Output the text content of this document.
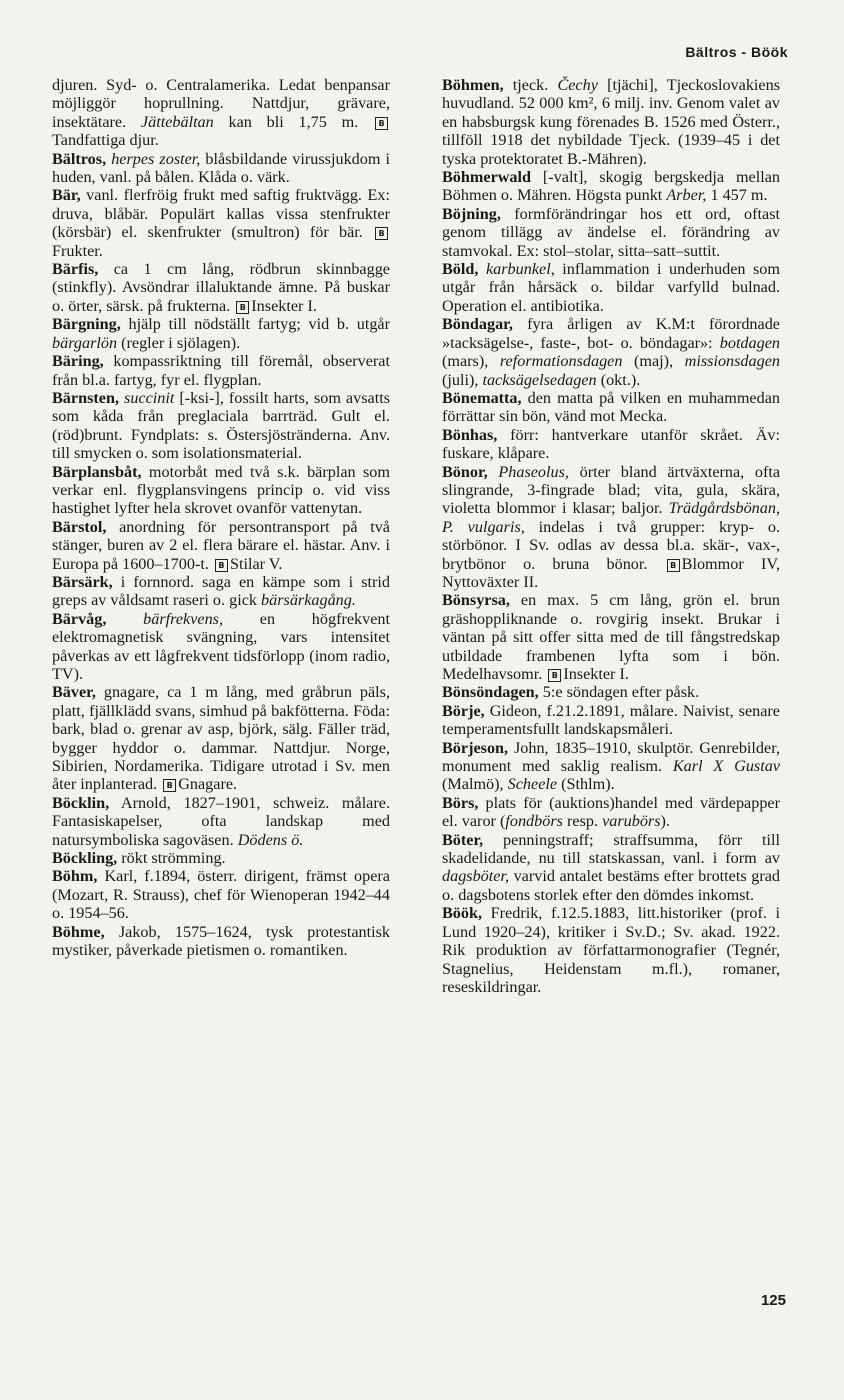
Bältros - Böök

djuren. Syd- o. Centralamerika. Ledat benpansar möjliggör hoprullning. Nattdjur, grävare, insektätare. Jättebältan kan bli 1,75 m. BTandfattiga djur.

Bältros, herpes zoster, blåsbildande virussjukdom i huden, vanl. på bålen. Klåda o. värk.

Bär, vanl. flerfröig frukt med saftig fruktvägg. Ex: druva, blåbär. Populärt kallas vissa stenfrukter (körsbär) el. skenfrukter (smultron) för bär. BFrukter.

Bärfis, ca 1 cm lång, rödbrun skinnbagge (stinkfly). Avsöndrar illaluktande ämne. På buskar o. örter, särsk. på frukterna. B Insekter I.

Bärgning, hjälp till nödställt fartyg; vid b. utgår bärgarlön (regler i sjölagen).

Bäring, kompassriktning till föremål, observerat från bl.a. fartyg, fyr el. flygplan.

Bärnsten, succinit [-ksi-], fossilt harts, som avsatts som kåda från preglaciala barrträd. Gult el. (röd)brunt. Fyndplats: s. Östersjöstränderna. Anv. till smycken o. som isolationsmaterial.

Bärplansbåt, motorbåt med två s.k. bärplan som verkar enl. flygplansvingens princip o. vid viss hastighet lyfter hela skrovet ovanför vattenytan.

Bärstol, anordning för persontransport på två stänger, buren av 2 el. flera bärare el. hästar. Anv. i Europa på 1600–1700-t. B Stilar V.

Bärsärk, i fornnord. saga en kämpe som i strid greps av våldsamt raseri o. gick bärsärkagång.

Bärvåg, bärfrekvens, en högfrekvent elektromagnetisk svängning, vars intensitet påverkas av ett lågfrekvent tidsförlopp (inom radio, TV).

Bäver, gnagare, ca 1 m lång, med gråbrun päls, platt, fjällklädd svans, simhud på bakfötterna. Föda: bark, blad o. grenar av asp, björk, sälg. Fäller träd, bygger hyddor o. dammar. Nattdjur. Norge, Sibirien, Nordamerika. Tidigare utrotad i Sv. men åter inplanterad. B Gnagare.

Böcklin, Arnold, 1827–1901, schweiz. målare. Fantasiskapelser, ofta landskap med natursymboliska sagoväsen. Dödens ö.

Böckling, rökt strömming.

Böhm, Karl, f.1894, österr. dirigent, främst opera (Mozart, R. Strauss), chef för Wienoperan 1942–44 o. 1954–56.

Böhme, Jakob, 1575–1624, tysk protestantisk mystiker, påverkade pietismen o. romantiken.

Böhmen, tjeck. Čechy [tjächi], Tjeckoslovakiens huvudland. 52 000 km², 6 milj. inv. Genom valet av en habsburgsk kung förenades B. 1526 med Österr., tillföll 1918 det nybildade Tjeck. (1939–45 i det tyska protektoratet B.-Mähren).

Böhmerwald [-valt], skogig bergskedja mellan Böhmen o. Mähren. Högsta punkt Arber, 1 457 m.

Böjning, formförändringar hos ett ord, oftast genom tillägg av ändelse el. förändring av stamvokal. Ex: stol–stolar, sitta–satt–suttit.

Böld, karbunkel, inflammation i underhuden som utgår från hårsäck o. bildar varfylld bulnad. Operation el. antibiotika.

Böndagar, fyra årligen av K.M:t förordnade »tacksägelse-, faste-, bot- o. böndagar»: botdagen (mars), reformationsdagen (maj), missionsdagen (juli), tacksägelsedagen (okt.).

Bönematta, den matta på vilken en muhammedan förrättar sin bön, vänd mot Mecka.

Bönhas, förr: hantverkare utanför skrået. Äv: fuskare, klåpare.

Bönor, Phaseolus, örter bland ärtväxterna, ofta slingrande, 3-fingrade blad; vita, gula, skära, violetta blommor i klasar; baljor. Trädgårdsbönan, P. vulgaris, indelas i två grupper: kryp- o. störbönor. I Sv. odlas av dessa bl.a. skär-, vax-, brytbönor o. bruna bönor. B Blommor IV, Nyttoväxter II.

Bönsyrsa, en max. 5 cm lång, grön el. brun gräshoppliknande o. rovgirig insekt. Brukar i väntan på sitt offer sitta med de till fångstredskap utbildade frambenen lyfta som i bön. Medelhavsomr. B Insekter I.

Bönsöndagen, 5:e söndagen efter påsk.

Börje, Gideon, f.21.2.1891, målare. Naivist, senare temperamentsfullt landskapsmåleri.

Börjeson, John, 1835–1910, skulptör. Genrebilder, monument med saklig realism. Karl X Gustav (Malmö), Scheele (Sthlm).

Börs, plats för (auktions)handel med värdepapper el. varor (fondbörs resp. varubörs).

Böter, penningstraff; straffsumma, förr till skadelidande, nu till statskassan, vanl. i form av dagsböter, varvid antalet bestäms efter brottets grad o. dagsbotens storlek efter den dömdes inkomst.

Böök, Fredrik, f.12.5.1883, litt.historiker (prof. i Lund 1920–24), kritiker i Sv.D.; Sv. akad. 1922. Rik produktion av författarmonografier (Tegnér, Stagnelius, Heidenstam m.fl.), romaner, reseskildringar.

125
